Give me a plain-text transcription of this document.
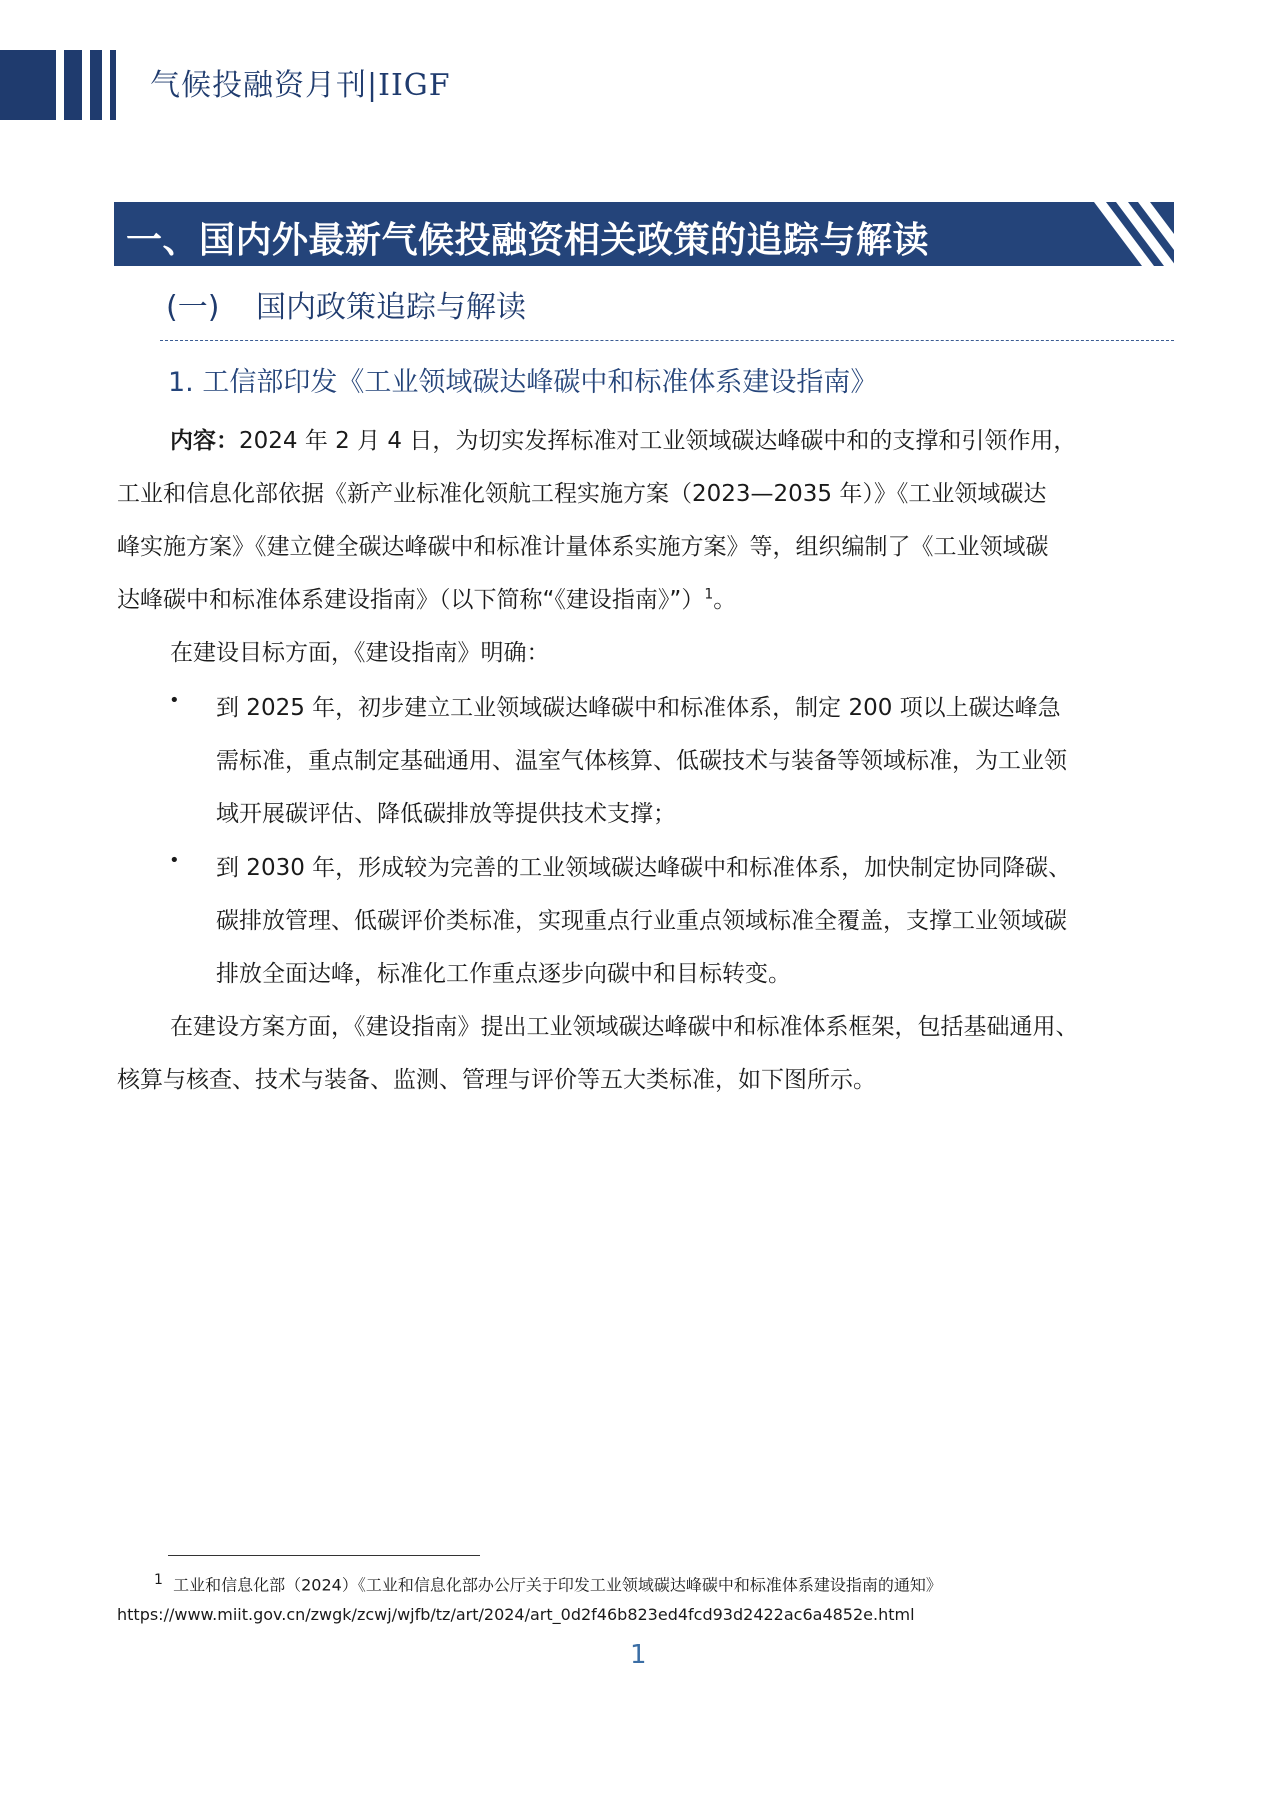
气候投融资月刊|IIGF
一、国内外最新气候投融资相关政策的追踪与解读
(一) 国内政策追踪与解读
1. 工信部印发《工业领域碳达峰碳中和标准体系建设指南》
内容：2024 年 2 月 4 日，为切实发挥标准对工业领域碳达峰碳中和的支撑和引领作用，
工业和信息化部依据《新产业标准化领航工程实施方案（2023—2035 年）》《工业领域碳达
峰实施方案》《建立健全碳达峰碳中和标准计量体系实施方案》等，组织编制了《工业领域碳
达峰碳中和标准体系建设指南》（以下简称“《建设指南》”）$^1$。
在建设目标方面，《建设指南》明确：
• 到 2025 年，初步建立工业领域碳达峰碳中和标准体系，制定 200 项以上碳达峰急
需标准，重点制定基础通用、温室气体核算、低碳技术与装备等领域标准，为工业领
域开展碳评估、降低碳排放等提供技术支撑；
• 到 2030 年，形成较为完善的工业领域碳达峰碳中和标准体系，加快制定协同降碳、
碳排放管理、低碳评价类标准，实现重点行业重点领域标准全覆盖，支撑工业领域碳
排放全面达峰，标准化工作重点逐步向碳中和目标转变。
在建设方案方面，《建设指南》提出工业领域碳达峰碳中和标准体系框架，包括基础通用、
核算与核查、技术与装备、监测、管理与评价等五大类标准，如下图所示。
$^1$ 工业和信息化部（2024）《工业和信息化部办公厅关于印发工业领域碳达峰碳中和标准体系建设指南的通知》
https://www.miit.gov.cn/zwgk/zcwj/wjfb/tz/art/2024/art_0d2f46b823ed4fcd93d2422ac6a4852e.html
1
